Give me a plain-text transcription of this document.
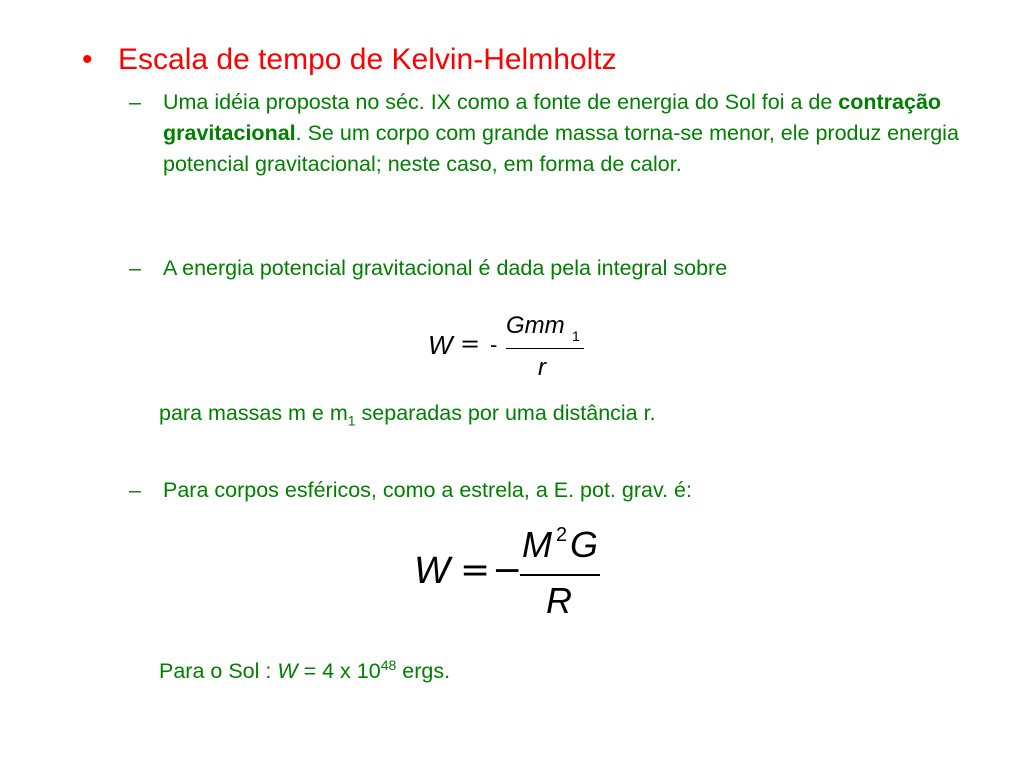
• Escala de tempo de Kelvin-Helmholtz
– Uma idéia proposta no séc. IX como a fonte de energia do Sol foi a de contração gravitacional. Se um corpo com grande massa torna-se menor, ele produz energia potencial gravitacional; neste caso, em forma de calor.
– A energia potencial gravitacional é dada pela integral sobre
W = -
Gmm 1
r
para massas m e $m_1$ separadas por uma distância r.
– Para corpos esféricos, como a estrela, a E. pot. grav. é:
W = −
M 2 G
R
Para o Sol : W = 4 x $10^{48}$ ergs.
